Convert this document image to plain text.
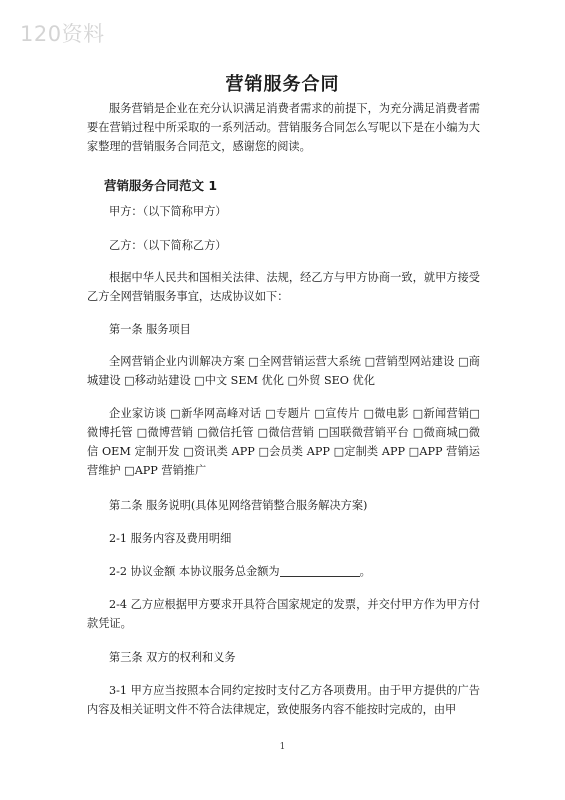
120资料
营销服务合同

服务营销是企业在充分认识满足消费者需求的前提下，为充分满足消费者需要在营销过程中所采取的一系列活动。营销服务合同怎么写呢以下是在小编为大家整理的营销服务合同范文，感谢您的阅读。

营销服务合同范文 1

甲方：（以下简称甲方）

乙方：（以下简称乙方）

根据中华人民共和国相关法律、法规，经乙方与甲方协商一致，就甲方接受乙方全网营销服务事宜，达成协议如下：

第一条 服务项目

全网营销企业内训解决方案 □全网营销运营大系统 □营销型网站建设 □商城建设 □移动站建设 □中文 SEM 优化 □外贸 SEO 优化

企业家访谈 □新华网高峰对话 □专题片 □宣传片 □微电影 □新闻营销□微博托管 □微博营销 □微信托管 □微信营销 □国联微营销平台 □微商城□微信 OEM 定制开发 □资讯类 APP □会员类 APP □定制类 APP □APP 营销运营维护 □APP 营销推广

第二条 服务说明(具体见网络营销整合服务解决方案)

2-1 服务内容及费用明细

2-2 协议金额 本协议服务总金额为	。

2-4 乙方应根据甲方要求开具符合国家规定的发票，并交付甲方作为甲方付款凭证。

第三条 双方的权利和义务

3-1 甲方应当按照本合同约定按时支付乙方各项费用。由于甲方提供的广告内容及相关证明文件不符合法律规定，致使服务内容不能按时完成的，由甲

1
